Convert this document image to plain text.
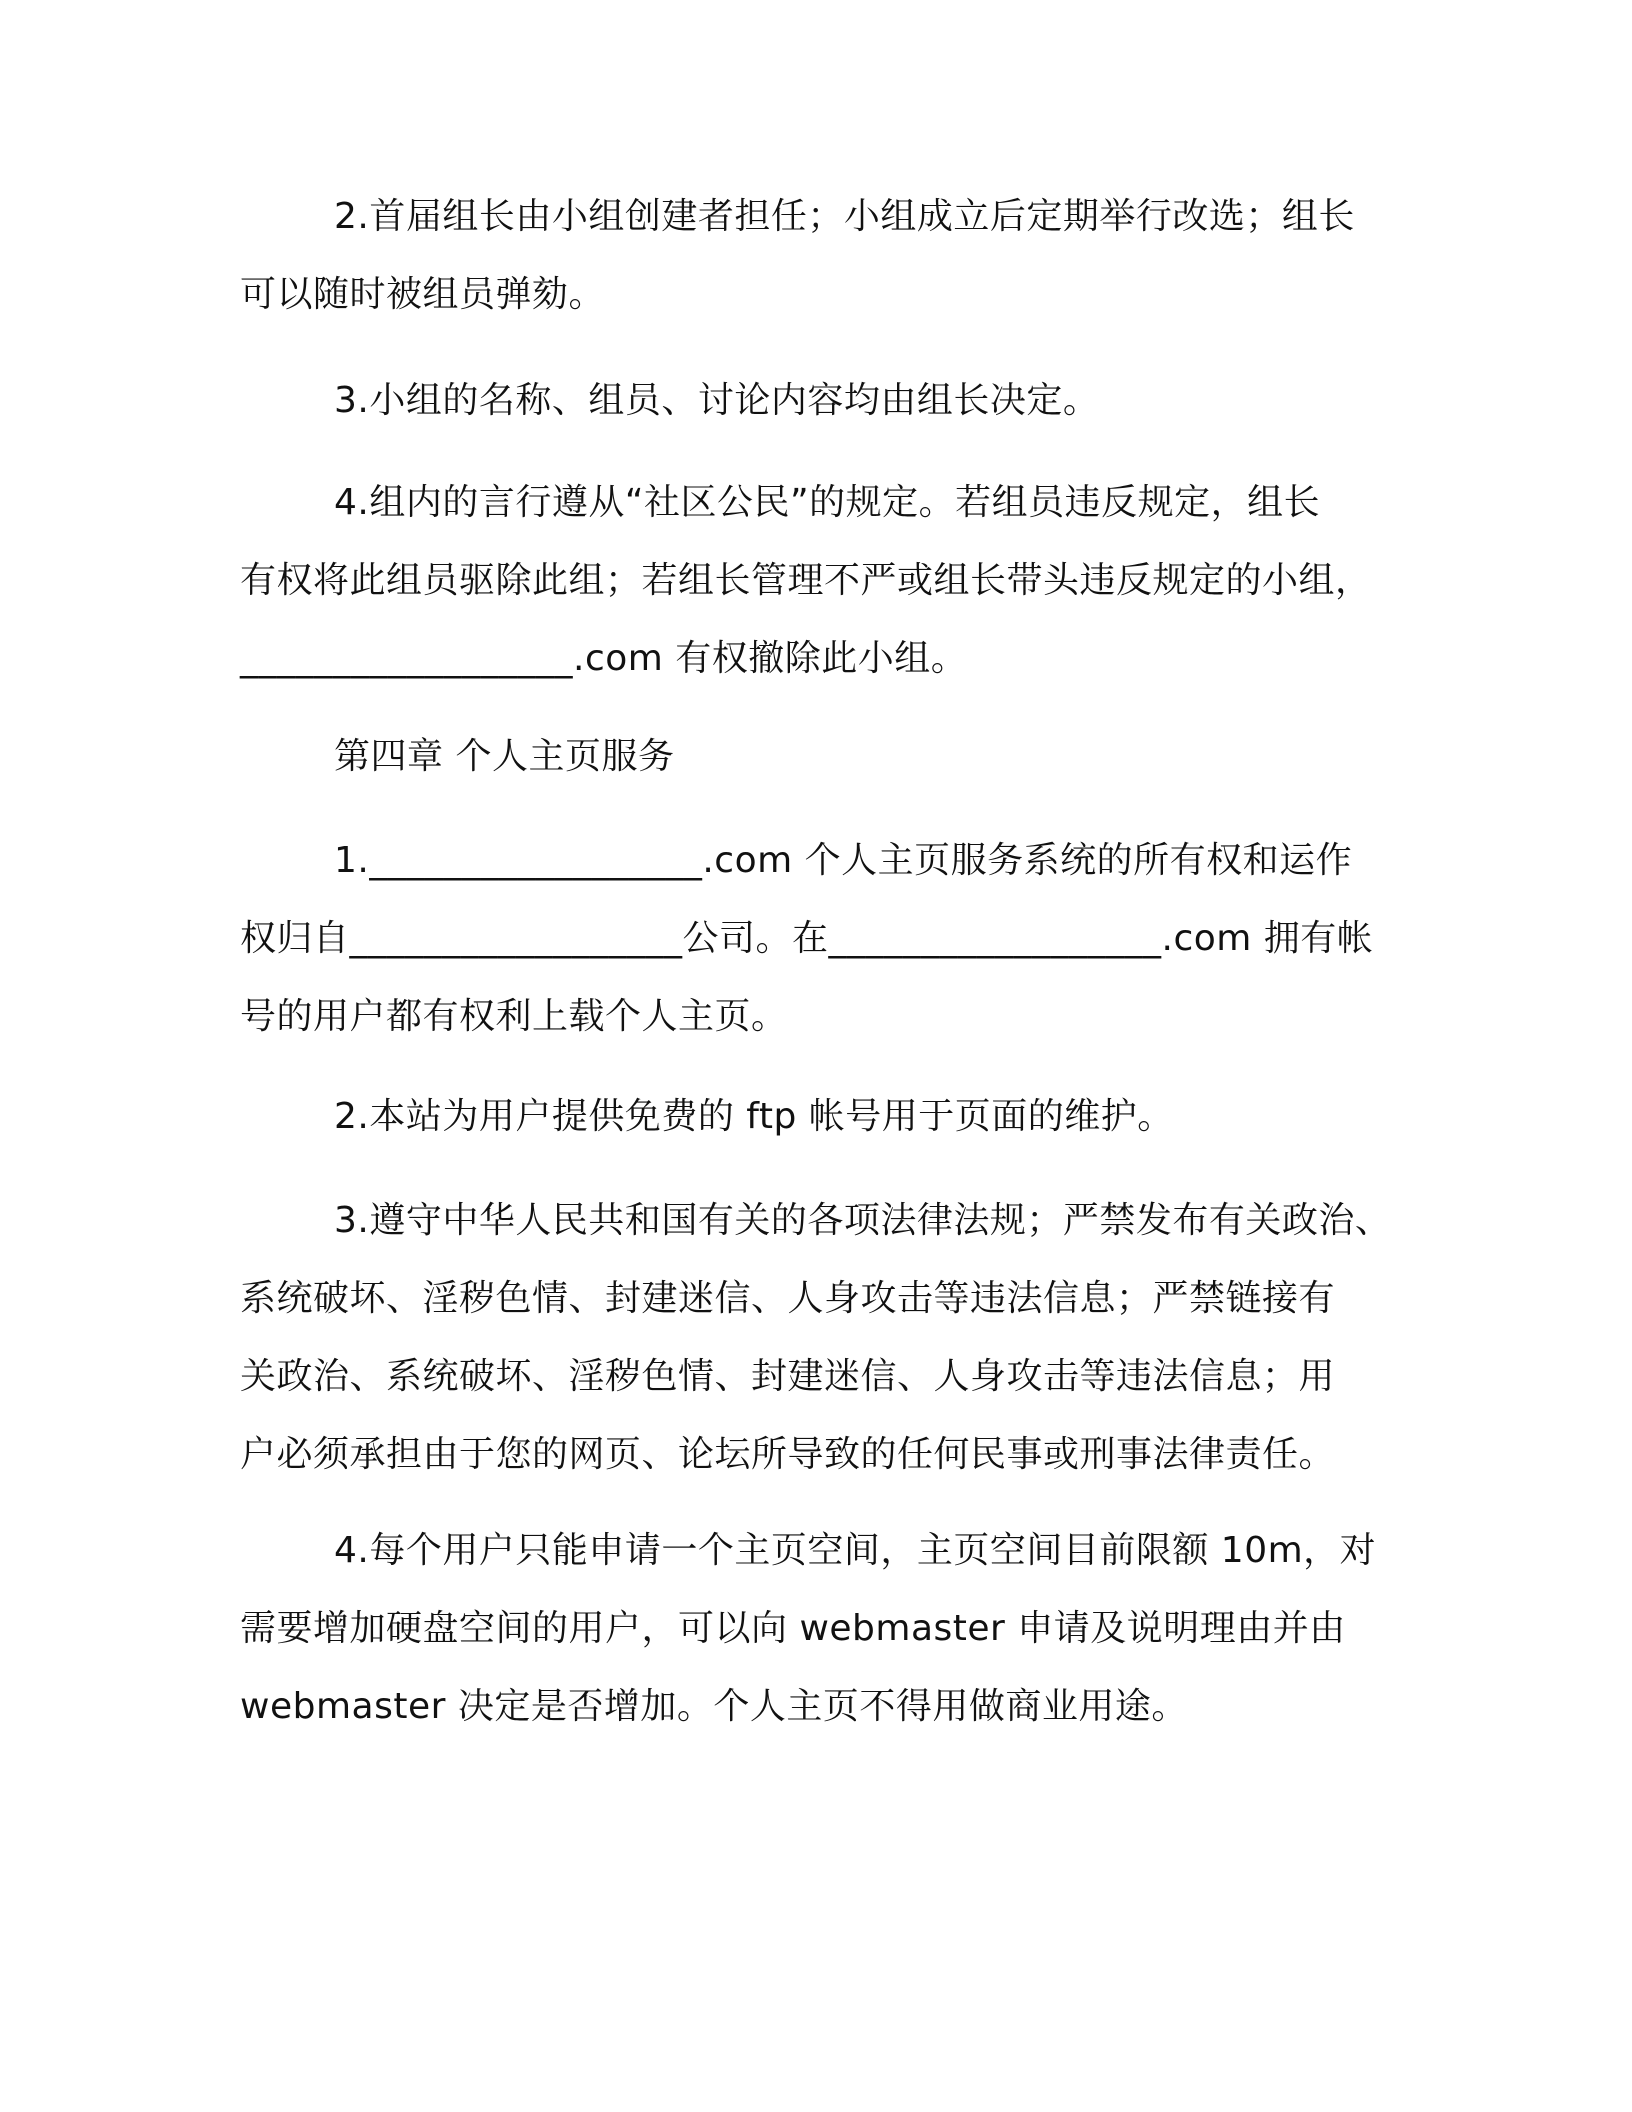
2.首届组长由小组创建者担任；小组成立后定期举行改选；组长
可以随时被组员弹劾。
3.小组的名称、组员、讨论内容均由组长决定。
4.组内的言行遵从“社区公民”的规定。若组员违反规定，组长
有权将此组员驱除此组；若组长管理不严或组长带头违反规定的小组，
__________________.com 有权撤除此小组。
第四章 个人主页服务
1.__________________.com 个人主页服务系统的所有权和运作
权归自__________________公司。在__________________.com 拥有帐
号的用户都有权利上载个人主页。
2.本站为用户提供免费的 ftp 帐号用于页面的维护。
3.遵守中华人民共和国有关的各项法律法规；严禁发布有关政治、
系统破坏、淫秽色情、封建迷信、人身攻击等违法信息；严禁链接有
关政治、系统破坏、淫秽色情、封建迷信、人身攻击等违法信息；用
户必须承担由于您的网页、论坛所导致的任何民事或刑事法律责任。
4.每个用户只能申请一个主页空间，主页空间目前限额 10m，对
需要增加硬盘空间的用户，可以向 webmaster 申请及说明理由并由
webmaster 决定是否增加。个人主页不得用做商业用途。
